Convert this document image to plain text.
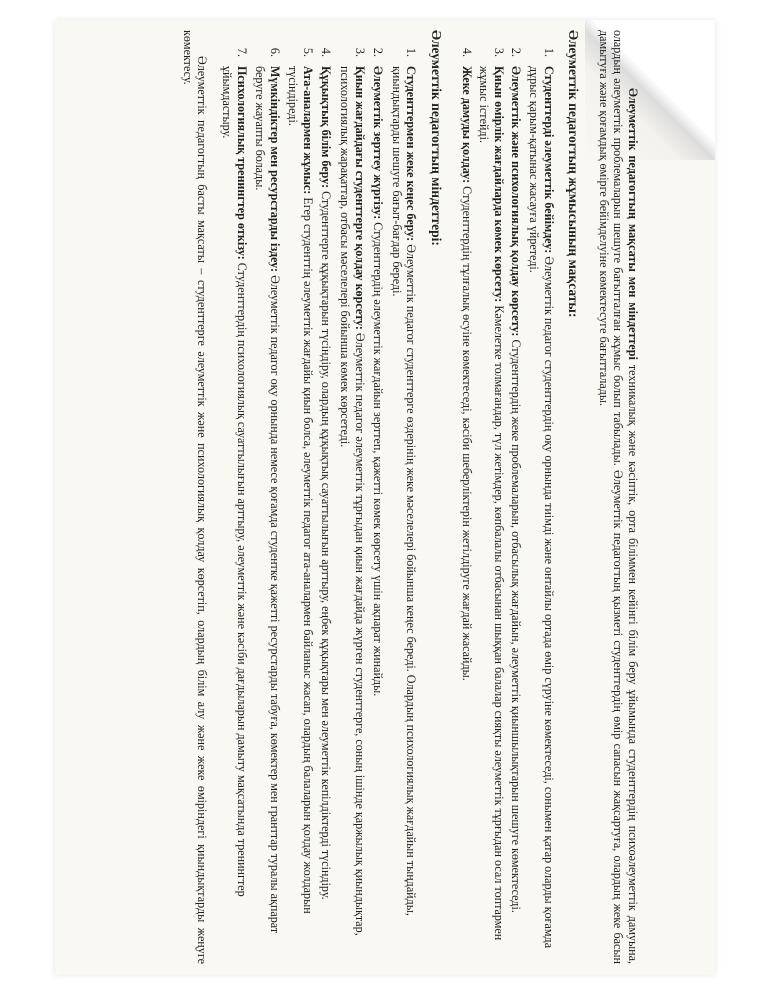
Әлеуметтік педагогтың мақсаты мен міндеттері техникалық және кәсіптік, орта біліммен кейінгі білім беру ұйымында студенттердің психоәлеуметтік дамуына, олардың әлеуметтік проблемаларын шешуге бағытталған жұмыс болып табылады. Әлеуметтік педагогтың қызметі студенттердің өмір сапасын жақсартуға, олардың жеке басын дамытуға және қоғамдық өмірге бейімделуіне көмектесуге бағытталады.

Әлеуметтік педагогтың жұмысының мақсаты:
1. Студенттерді әлеуметтік бейімдеу: Әлеуметтік педагог студенттердің оқу орнында тиімді және онтайлы ортада өмір сүруіне көмектеседі, сонымен қатар оларды қоғамда дұрыс қарым-қатынас жасауға үйретеді.
2. Әлеуметтік және психологиялық қолдау көрсету: Студенттердің жеке проблемаларын, отбасылық жағдайын, әлеуметтік қиыншылықтарын шешуге көмектеседі.
3. Қиын өмірлік жағдайларда көмек көрсету: Кәмелетке толмағандар, түл жетімдер, көпбалалы отбасынан шыққан балалар сияқты әлеуметтік тұрғыдан осал топтармен жұмыс істейді.
4. Жеке дамуды қолдау: Студенттердің тұлғалық өсуіне көмектеседі, кәсіби шеберліктерін жетілдіруге жағдай жасайды.
Әлеуметтік педагогтың міндеттері:
1. Студенттермен жеке кеңес беру: Әлеуметтік педагог студенттерге өздерінің жеке мәселелері бойынша кеңес береді. Олардың психологиялық жағдайын тыңдайды, қиындықтарды шешуге бағыт-бағдар береді.
2. Әлеуметтік зерттеу жүргізу: Студенттердің әлеуметтік жағдайын зерттеп, қажетті көмек көрсету үшін ақпарат жинайды.
3. Қиын жағдайдағы студенттерге қолдау көрсету: Әлеуметтік педагог әлеуметтік тұрғыдан қиын жағдайда жүрген студенттерге, соның ішінде қаржылық қиындықтар, психологиялық жарақаттар, отбасы мәселелері бойынша көмек көрсетеді.
4. Құқықтық білім беру: Студенттерге құқықтарын түсіндіру, олардың құқықтық сауаттылығын арттыру, еңбек құқықтары мен әлеуметтік кепілдіктерді түсіндіру.
5. Ата-аналармен жұмыс: Егер студенттің әлеуметтік жағдайы қиын болса, әлеуметтік педагог ата-аналармен байланыс жасап, олардың балаларын қолдау жолдарын түсіндіреді.
6. Мүмкіндіктер мен ресурстарды іздеу: Әлеуметтік педагог оқу орнында немесе қоғамда студентке қажетті ресурстарды табуға, көмектер мен гранттар туралы ақпарат беруге жауапты болады.
7. Психологиялық тренингтер өткізу: Студенттердің психологиялық сауаттылығын арттыру, әлеуметтік және кәсіби дағдыларын дамыту мақсатында тренингтер ұйымдастыру.

Әлеуметтік педагогтың басты мақсаты – студенттерге әлеуметтік және психологиялық қолдау көрсетіп, олардың білім алу және жеке өміріндегі қиындықтарды жеңуге көмектесу.
